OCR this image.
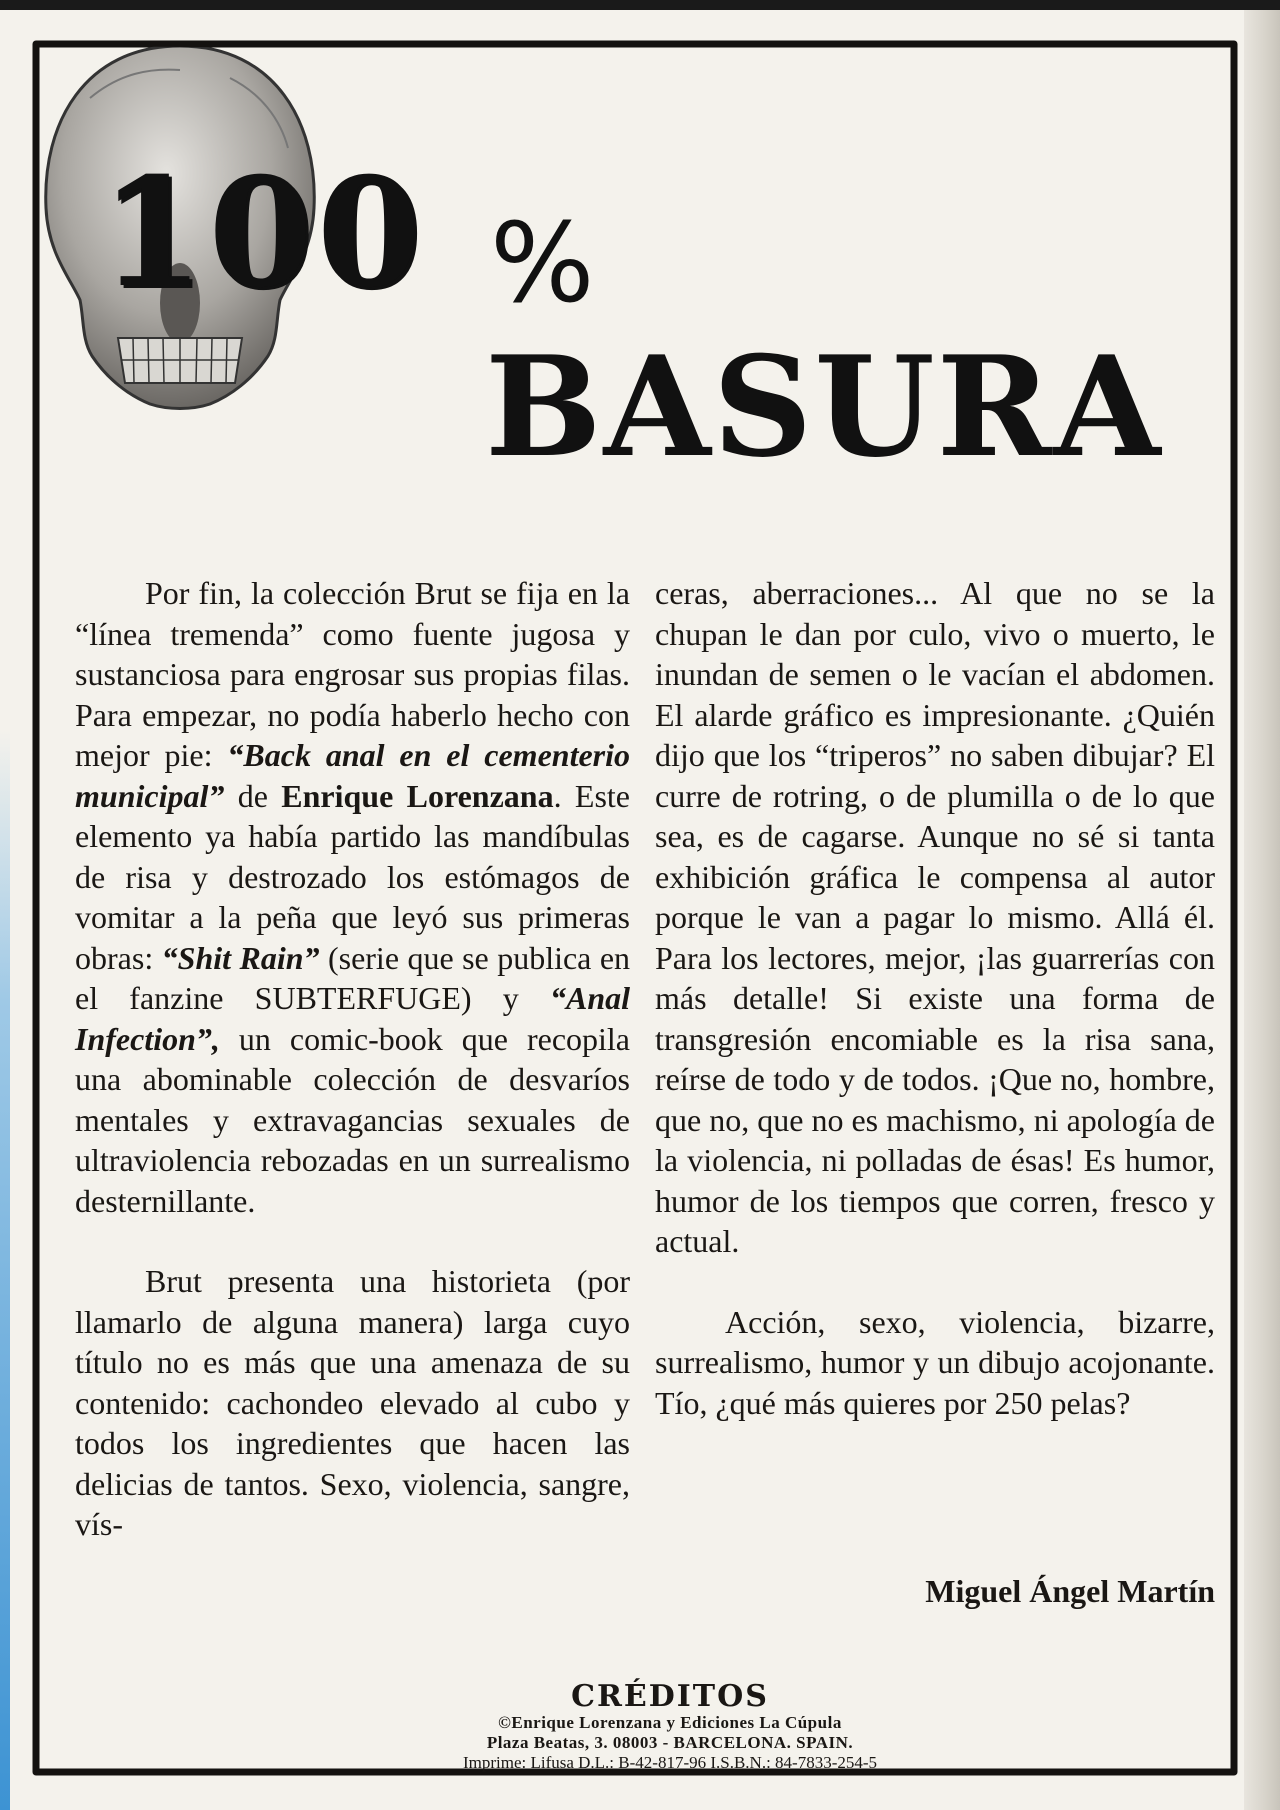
100 %
BASURA

Por fin, la colección Brut se fija en la “línea tremenda” como fuente jugosa y sustanciosa para engrosar sus propias filas. Para empezar, no podía haberlo hecho con mejor pie: “Back anal en el cementerio municipal” de Enrique Lorenzana. Este elemento ya había partido las mandíbulas de risa y destrozado los estómagos de vomitar a la peña que leyó sus primeras obras: “Shit Rain” (serie que se publica en el fanzine SUBTERFUGE) y “Anal Infection”, un comic-book que recopila una abominable colección de desvaríos mentales y extravagancias sexuales de ultraviolencia rebozadas en un surrealismo desternillante.

Brut presenta una historieta (por llamarlo de alguna manera) larga cuyo título no es más que una amenaza de su contenido: cachondeo elevado al cubo y todos los ingredientes que hacen las delicias de tantos. Sexo, violencia, sangre, vís-

ceras, aberraciones... Al que no se la chupan le dan por culo, vivo o muerto, le inundan de semen o le vacían el abdomen. El alarde gráfico es impresionante. ¿Quién dijo que los “triperos” no saben dibujar? El curre de rotring, o de plumilla o de lo que sea, es de cagarse. Aunque no sé si tanta exhibición gráfica le compensa al autor porque le van a pagar lo mismo. Allá él. Para los lectores, mejor, ¡las guarrerías con más detalle! Si existe una forma de transgresión encomiable es la risa sana, reírse de todo y de todos. ¡Que no, hombre, que no, que no es machismo, ni apología de la violencia, ni polladas de ésas! Es humor, humor de los tiempos que corren, fresco y actual.

Acción, sexo, violencia, bizarre, surrealismo, humor y un dibujo acojonante. Tío, ¿qué más quieres por 250 pelas?

Miguel Ángel Martín
CRÉDITOS
©Enrique Lorenzana y Ediciones La Cúpula
Plaza Beatas, 3. 08003 - BARCELONA. SPAIN.
Imprime: Lifusa D.L.: B-42-817-96 I.S.B.N.: 84-7833-254-5
